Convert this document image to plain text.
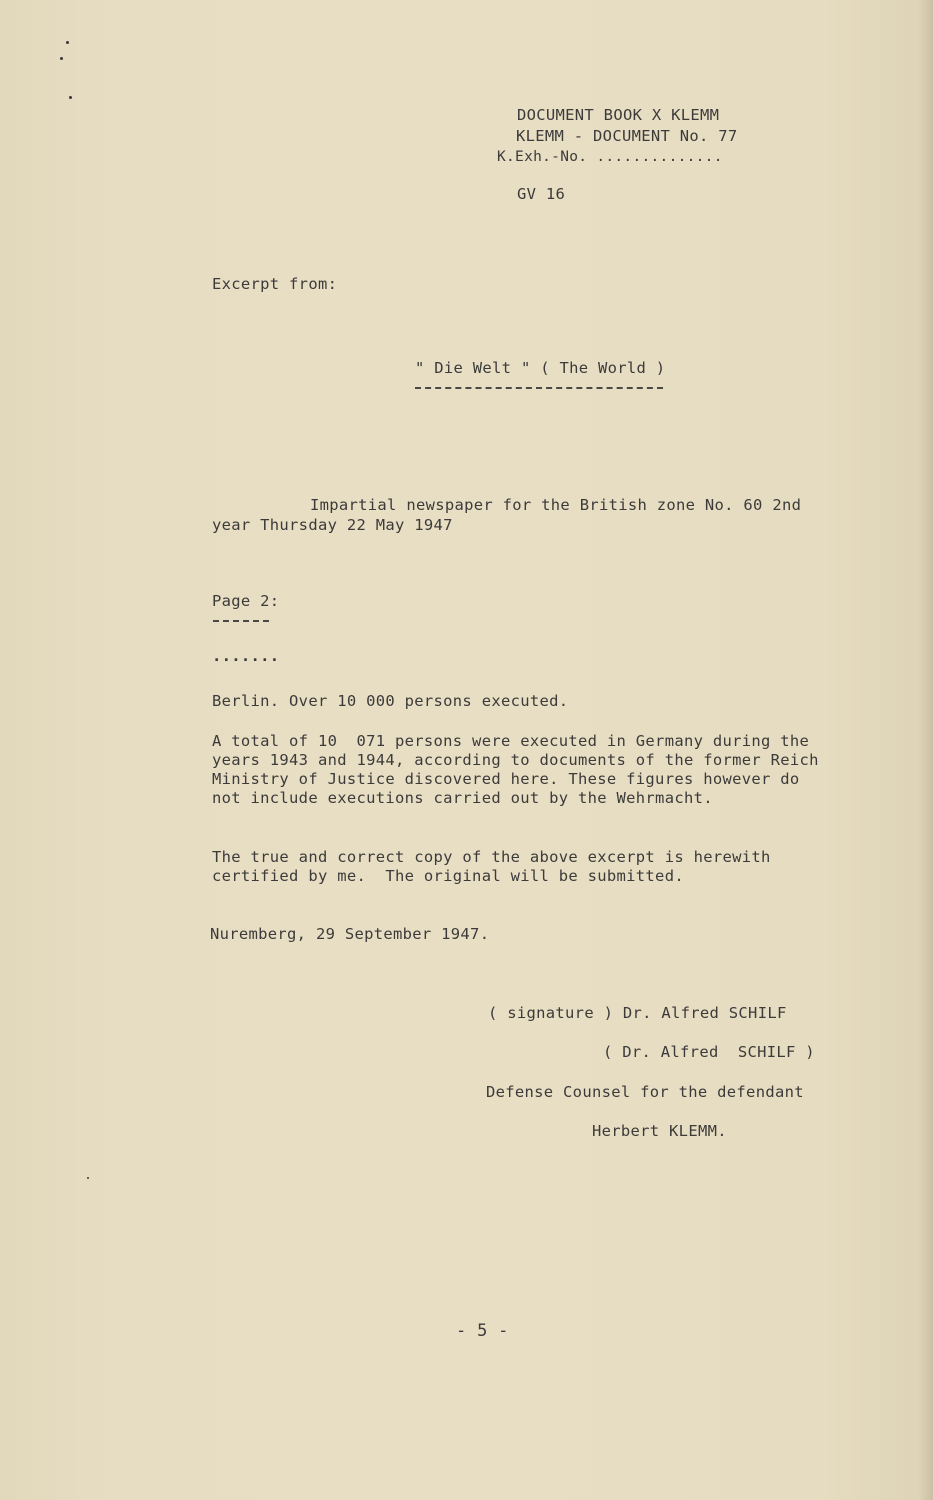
DOCUMENT BOOK X KLEMM
KLEMM - DOCUMENT No. 77
K.Exh.-No. ..............
GV 16
Excerpt from:
" Die Welt " ( The World )
Impartial newspaper for the British zone No. 60 2nd
year Thursday 22 May 1947
Page 2:
.......
Berlin. Over 10 000 persons executed.
A total of 10  071 persons were executed in Germany during the
years 1943 and 1944, according to documents of the former Reich
Ministry of Justice discovered here. These figures however do
not include executions carried out by the Wehrmacht.
The true and correct copy of the above excerpt is herewith
certified by me.  The original will be submitted.
Nuremberg, 29 September 1947.
( signature ) Dr. Alfred SCHILF
( Dr. Alfred  SCHILF )
Defense Counsel for the defendant
Herbert KLEMM.
- 5 -
